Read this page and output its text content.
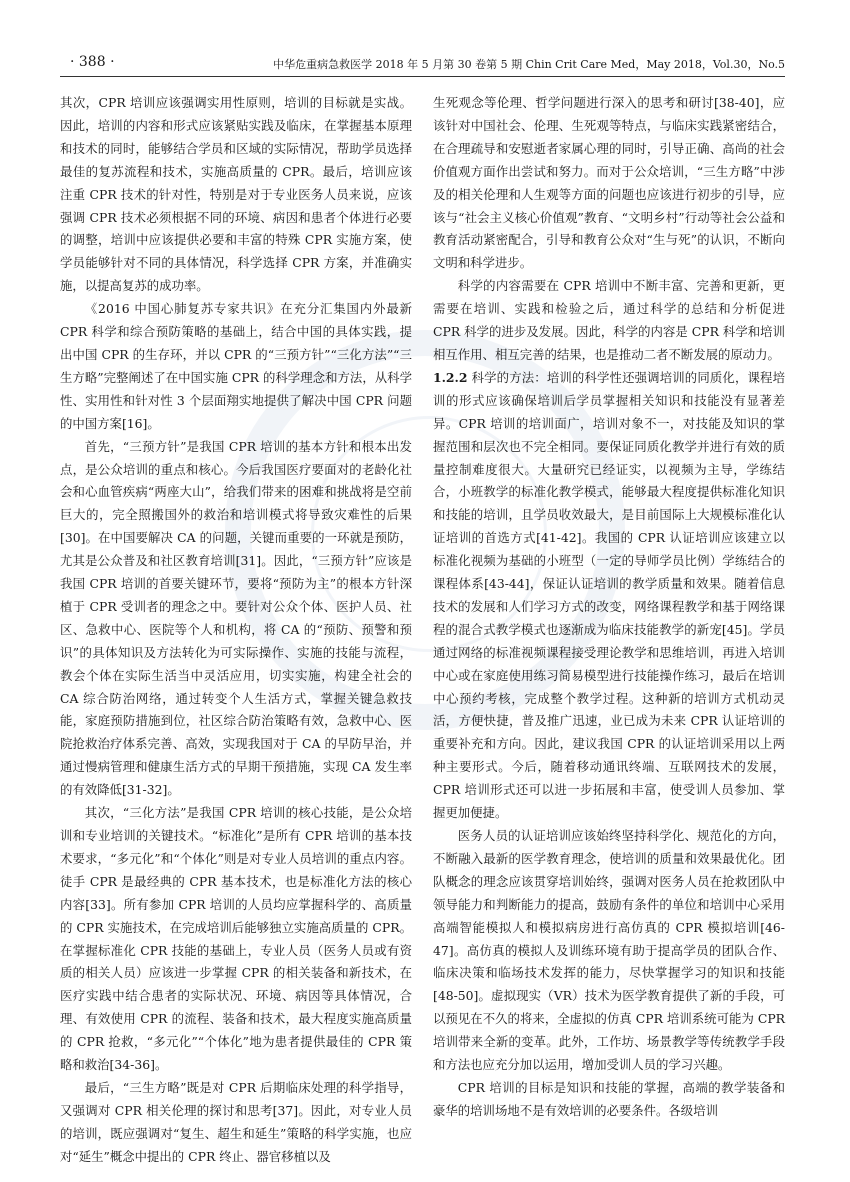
· 388 ·	中华危重病急救医学 2018 年 5 月第 30 卷第 5 期 Chin Crit Care Med，May 2018，Vol.30，No.5

其次，CPR 培训应该强调实用性原则，培训的目标就是实战。因此，培训的内容和形式应该紧贴实践及临床，在掌握基本原理和技术的同时，能够结合学员和区域的实际情况，帮助学员选择最佳的复苏流程和技术，实施高质量的 CPR。最后，培训应该注重 CPR 技术的针对性，特别是对于专业医务人员来说，应该强调 CPR 技术必须根据不同的环境、病因和患者个体进行必要的调整，培训中应该提供必要和丰富的特殊 CPR 实施方案，使学员能够针对不同的具体情况，科学选择 CPR 方案，并准确实施，以提高复苏的成功率。

《2016 中国心肺复苏专家共识》在充分汇集国内外最新 CPR 科学和综合预防策略的基础上，结合中国的具体实践，提出中国 CPR 的生存环，并以 CPR 的“三预方针”“三化方法”“三生方略”完整阐述了在中国实施 CPR 的科学理念和方法，从科学性、实用性和针对性 3 个层面翔实地提供了解决中国 CPR 问题的中国方案[16]。

首先，“三预方针”是我国 CPR 培训的基本方针和根本出发点，是公众培训的重点和核心。今后我国医疗要面对的老龄化社会和心血管疾病“两座大山”，给我们带来的困难和挑战将是空前巨大的，完全照搬国外的救治和培训模式将导致灾难性的后果[30]。在中国要解决 CA 的问题，关键而重要的一环就是预防，尤其是公众普及和社区教育培训[31]。因此，“三预方针”应该是我国 CPR 培训的首要关键环节，要将“预防为主”的根本方针深植于 CPR 受训者的理念之中。要针对公众个体、医护人员、社区、急救中心、医院等个人和机构，将 CA 的“预防、预警和预识”的具体知识及方法转化为可实际操作、实施的技能与流程，教会个体在实际生活当中灵活应用，切实实施，构建全社会的 CA 综合防治网络，通过转变个人生活方式，掌握关键急救技能，家庭预防措施到位，社区综合防治策略有效，急救中心、医院抢救治疗体系完善、高效，实现我国对于 CA 的早防早治，并通过慢病管理和健康生活方式的早期干预措施，实现 CA 发生率的有效降低[31-32]。

其次，“三化方法”是我国 CPR 培训的核心技能，是公众培训和专业培训的关键技术。“标准化”是所有 CPR 培训的基本技术要求，“多元化”和“个体化”则是对专业人员培训的重点内容。徒手 CPR 是最经典的 CPR 基本技术，也是标准化方法的核心内容[33]。所有参加 CPR 培训的人员均应掌握科学的、高质量的 CPR 实施技术，在完成培训后能够独立实施高质量的 CPR。在掌握标准化 CPR 技能的基础上，专业人员（医务人员或有资质的相关人员）应该进一步掌握 CPR 的相关装备和新技术，在医疗实践中结合患者的实际状况、环境、病因等具体情况，合理、有效使用 CPR 的流程、装备和技术，最大程度实施高质量的 CPR 抢救，“多元化”“个体化”地为患者提供最佳的 CPR 策略和救治[34-36]。

最后，“三生方略”既是对 CPR 后期临床处理的科学指导，又强调对 CPR 相关伦理的探讨和思考[37]。因此，对专业人员的培训，既应强调对“复生、超生和延生”策略的科学实施，也应对“延生”概念中提出的 CPR 终止、器官移植以及

生死观念等伦理、哲学问题进行深入的思考和研讨[38-40]，应该针对中国社会、伦理、生死观等特点，与临床实践紧密结合，在合理疏导和安慰逝者家属心理的同时，引导正确、高尚的社会价值观方面作出尝试和努力。而对于公众培训，“三生方略”中涉及的相关伦理和人生观等方面的问题也应该进行初步的引导，应该与“社会主义核心价值观”教育、“文明乡村”行动等社会公益和教育活动紧密配合，引导和教育公众对“生与死”的认识，不断向文明和科学进步。

科学的内容需要在 CPR 培训中不断丰富、完善和更新，更需要在培训、实践和检验之后，通过科学的总结和分析促进 CPR 科学的进步及发展。因此，科学的内容是 CPR 科学和培训相互作用、相互完善的结果，也是推动二者不断发展的原动力。

1.2.2 科学的方法：培训的科学性还强调培训的同质化，课程培训的形式应该确保培训后学员掌握相关知识和技能没有显著差异。CPR 培训的培训面广，培训对象不一，对技能及知识的掌握范围和层次也不完全相同。要保证同质化教学并进行有效的质量控制难度很大。大量研究已经证实，以视频为主导，学练结合，小班教学的标准化教学模式，能够最大程度提供标准化知识和技能的培训，且学员收效最大，是目前国际上大规模标准化认证培训的首选方式[41-42]。我国的 CPR 认证培训应该建立以标准化视频为基础的小班型（一定的导师学员比例）学练结合的课程体系[43-44]，保证认证培训的教学质量和效果。随着信息技术的发展和人们学习方式的改变，网络课程教学和基于网络课程的混合式教学模式也逐渐成为临床技能教学的新宠[45]。学员通过网络的标准视频课程接受理论教学和思维培训，再进入培训中心或在家庭使用练习简易模型进行技能操作练习，最后在培训中心预约考核，完成整个教学过程。这种新的培训方式机动灵活，方便快捷，普及推广迅速，业已成为未来 CPR 认证培训的重要补充和方向。因此，建议我国 CPR 的认证培训采用以上两种主要形式。今后，随着移动通讯终端、互联网技术的发展，CPR 培训形式还可以进一步拓展和丰富，使受训人员参加、掌握更加便捷。

医务人员的认证培训应该始终坚持科学化、规范化的方向，不断融入最新的医学教育理念，使培训的质量和效果最优化。团队概念的理念应该贯穿培训始终，强调对医务人员在抢救团队中领导能力和判断能力的提高，鼓励有条件的单位和培训中心采用高端智能模拟人和模拟病房进行高仿真的 CPR 模拟培训[46-47]。高仿真的模拟人及训练环境有助于提高学员的团队合作、临床决策和临场技术发挥的能力，尽快掌握学习的知识和技能[48-50]。虚拟现实（VR）技术为医学教育提供了新的手段，可以预见在不久的将来，全虚拟的仿真 CPR 培训系统可能为 CPR 培训带来全新的变革。此外，工作坊、场景教学等传统教学手段和方法也应充分加以运用，增加受训人员的学习兴趣。

CPR 培训的目标是知识和技能的掌握，高端的教学装备和豪华的培训场地不是有效培训的必要条件。各级培训
